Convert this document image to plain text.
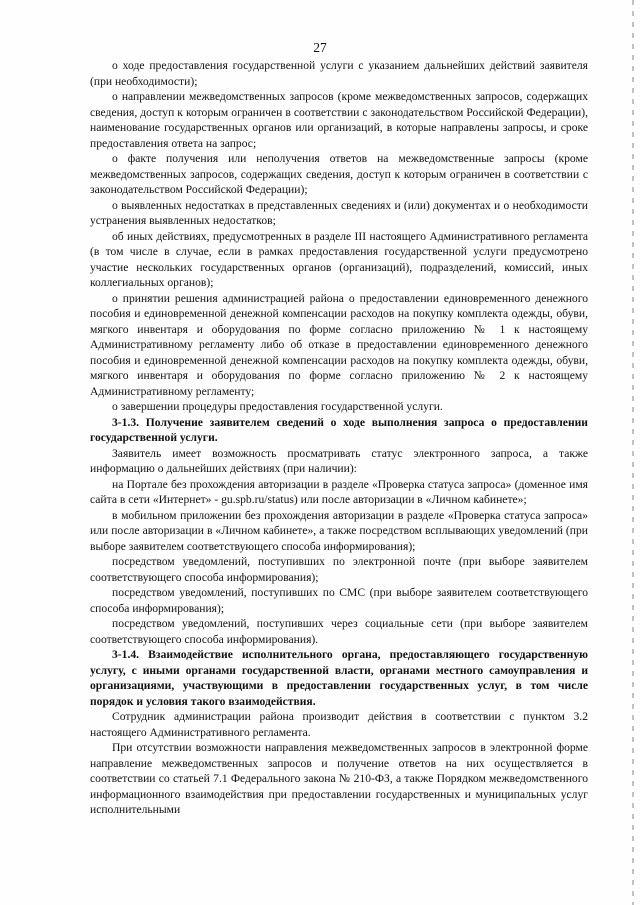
27

о ходе предоставления государственной услуги с указанием дальнейших действий заявителя (при необходимости);

о направлении межведомственных запросов (кроме межведомственных запросов, содержащих сведения, доступ к которым ограничен в соответствии с законодательством Российской Федерации), наименование государственных органов или организаций, в которые направлены запросы, и сроке предоставления ответа на запрос;

о факте получения или неполучения ответов на межведомственные запросы (кроме межведомственных запросов, содержащих сведения, доступ к которым ограничен в соответствии с законодательством Российской Федерации);

о выявленных недостатках в представленных сведениях и (или) документах и о необходимости устранения выявленных недостатков;

об иных действиях, предусмотренных в разделе III настоящего Административного регламента (в том числе в случае, если в рамках предоставления государственной услуги предусмотрено участие нескольких государственных органов (организаций), подразделений, комиссий, иных коллегиальных органов);

о принятии решения администрацией района о предоставлении единовременного денежного пособия и единовременной денежной компенсации расходов на покупку комплекта одежды, обуви, мягкого инвентаря и оборудования по форме согласно приложению № 1 к настоящему Административному регламенту либо об отказе в предоставлении единовременного денежного пособия и единовременной денежной компенсации расходов на покупку комплекта одежды, обуви, мягкого инвентаря и оборудования по форме согласно приложению № 2 к настоящему Административному регламенту;

о завершении процедуры предоставления государственной услуги.

3-1.3. Получение заявителем сведений о ходе выполнения запроса о предоставлении государственной услуги.

Заявитель имеет возможность просматривать статус электронного запроса, а также информацию о дальнейших действиях (при наличии):

на Портале без прохождения авторизации в разделе «Проверка статуса запроса» (доменное имя сайта в сети «Интернет» - gu.spb.ru/status) или после авторизации в «Личном кабинете»;

в мобильном приложении без прохождения авторизации в разделе «Проверка статуса запроса» или после авторизации в «Личном кабинете», а также посредством всплывающих уведомлений (при выборе заявителем соответствующего способа информирования);

посредством уведомлений, поступивших по электронной почте (при выборе заявителем соответствующего способа информирования);

посредством уведомлений, поступивших по СМС (при выборе заявителем соответствующего способа информирования);

посредством уведомлений, поступивших через социальные сети (при выборе заявителем соответствующего способа информирования).

3-1.4. Взаимодействие исполнительного органа, предоставляющего государственную услугу, с иными органами государственной власти, органами местного самоуправления и организациями, участвующими в предоставлении государственных услуг, в том числе порядок и условия такого взаимодействия.

Сотрудник администрации района производит действия в соответствии с пунктом 3.2 настоящего Административного регламента.

При отсутствии возможности направления межведомственных запросов в электронной форме направление межведомственных запросов и получение ответов на них осуществляется в соответствии со статьей 7.1 Федерального закона № 210-ФЗ, а также Порядком межведомственного информационного взаимодействия при предоставлении государственных и муниципальных услуг исполнительными
